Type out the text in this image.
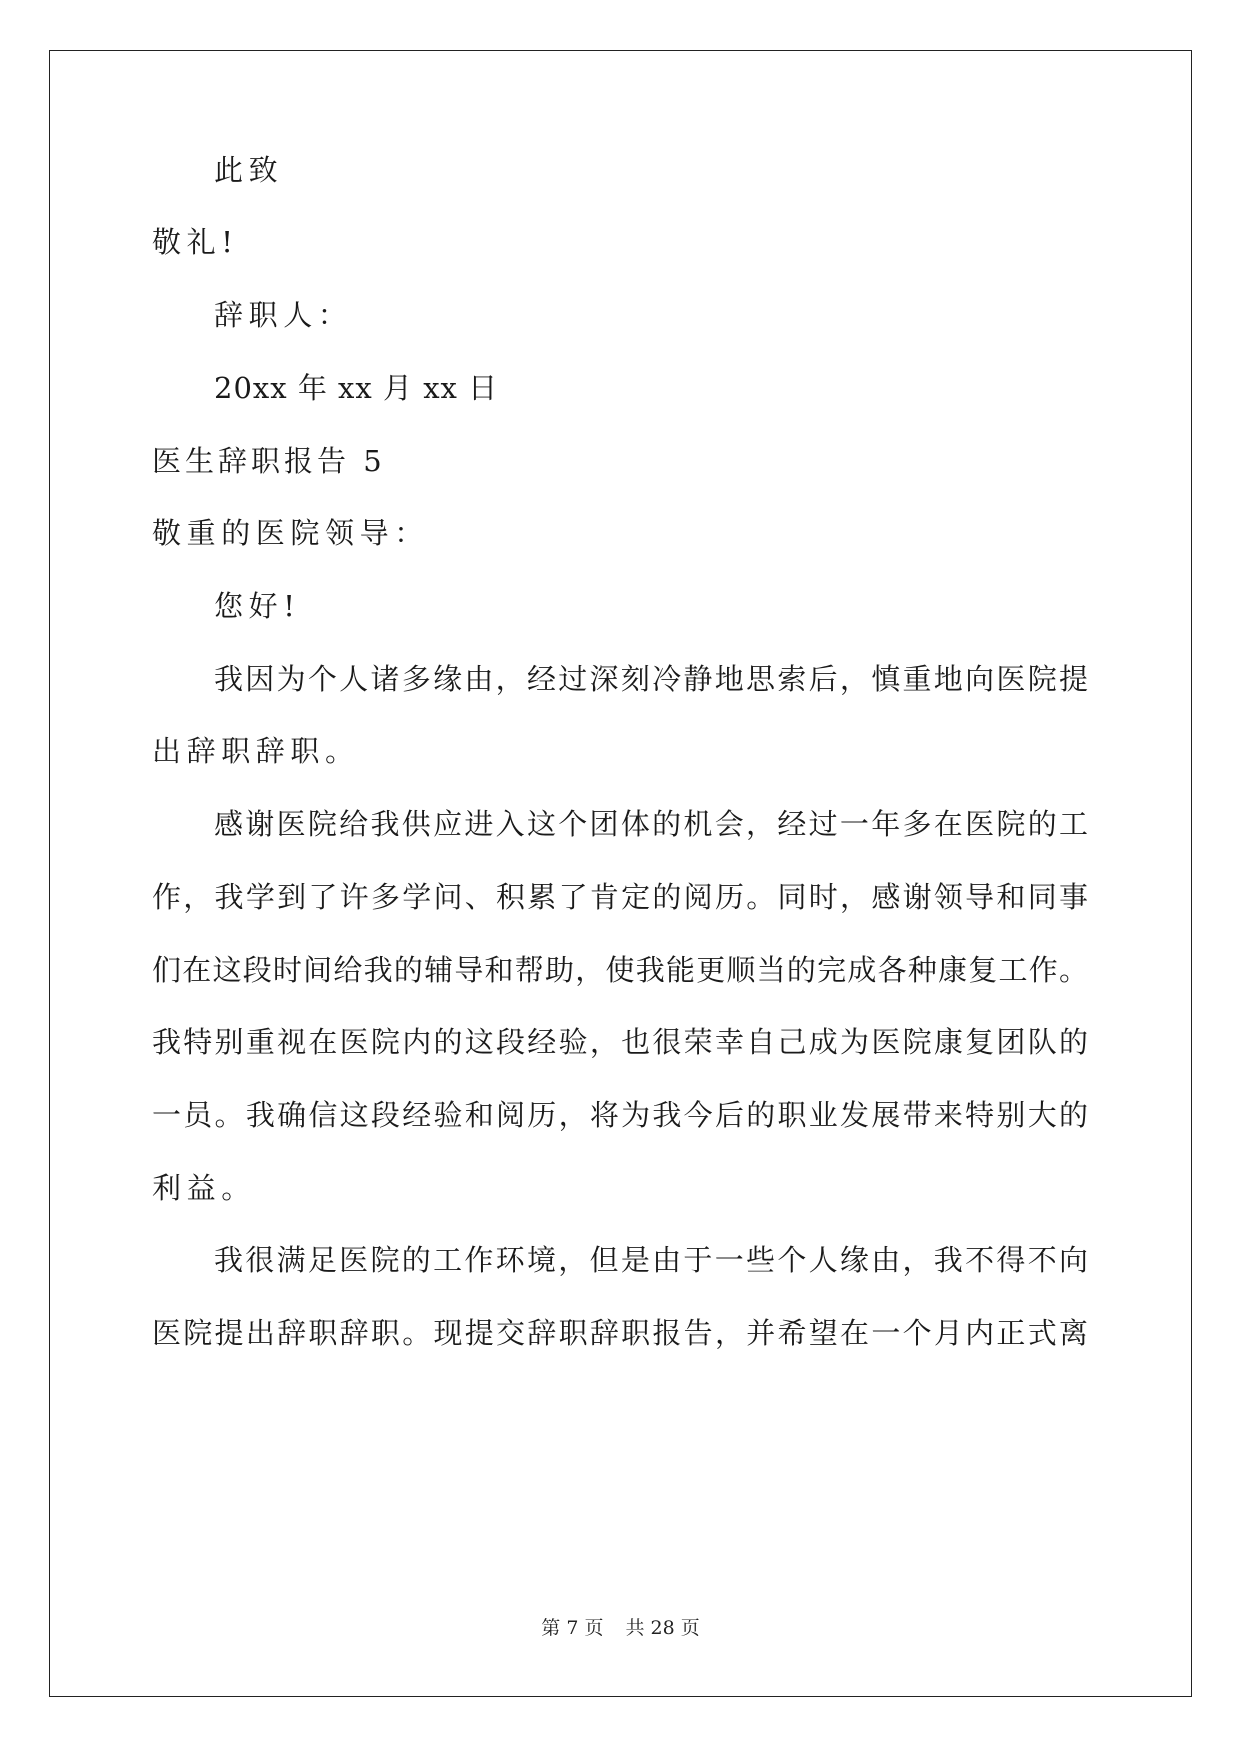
此致
敬礼!
辞职人：
20xx 年 xx 月 xx 日
医生辞职报告 5
敬重的医院领导：
您好!
我因为个人诸多缘由，经过深刻冷静地思索后，慎重地向医院提
出辞职辞职。
感谢医院给我供应进入这个团体的机会，经过一年多在医院的工
作，我学到了许多学问、积累了肯定的阅历。同时，感谢领导和同事
们在这段时间给我的辅导和帮助，使我能更顺当的完成各种康复工作。
我特别重视在医院内的这段经验，也很荣幸自己成为医院康复团队的
一员。我确信这段经验和阅历，将为我今后的职业发展带来特别大的
利益。
我很满足医院的工作环境，但是由于一些个人缘由，我不得不向
医院提出辞职辞职。现提交辞职辞职报告，并希望在一个月内正式离
第 7 页 共 28 页
